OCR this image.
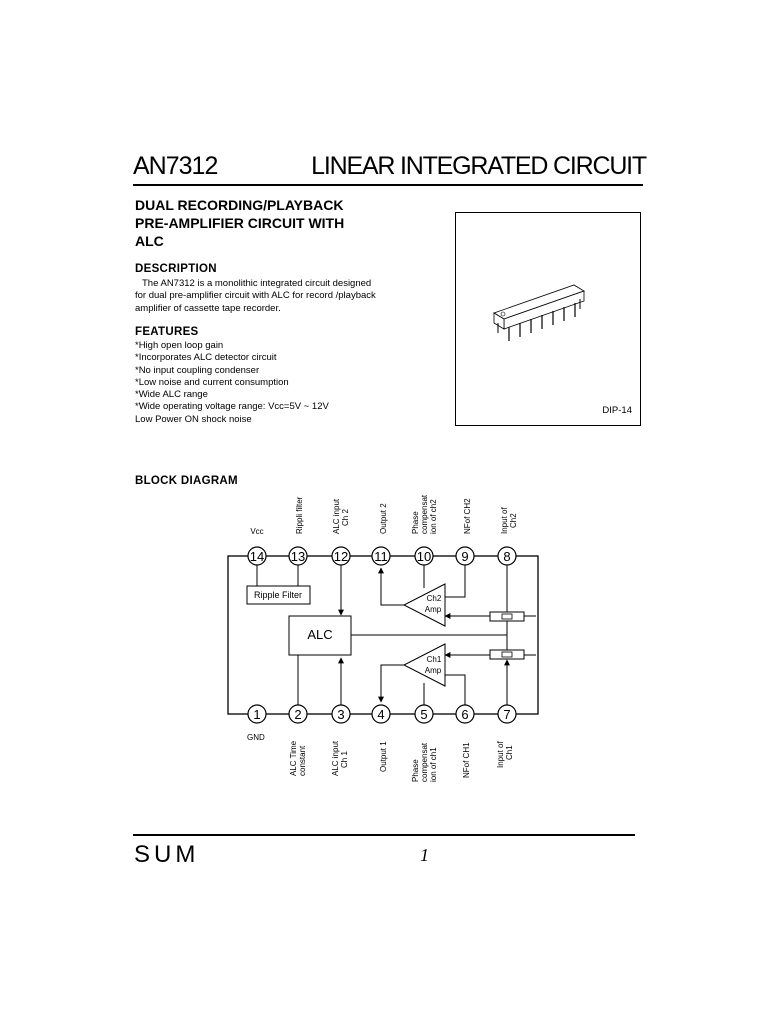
AN7312	LINEAR INTEGRATED CIRCUIT
DUAL RECORDING/PLAYBACK
PRE-AMPLIFIER CIRCUIT WITH
ALC
DESCRIPTION
The AN7312 is a monolithic integrated circuit designed
for dual pre-amplifier circuit with ALC for record /playback
amplifier of cassette tape recorder.
FEATURES
*High open loop gain
*Incorporates ALC detector circuit
*No input coupling condenser
*Low noise and current consumption
*Wide ALC range
*Wide operating voltage range: Vcc=5V ~ 12V
Low Power ON shock noise
DIP-14
BLOCK DIAGRAM
Vcc	Rippli filter	ALC input Ch 2	Output 2	Phase compensat ion of ch2	NFof CH2	Input of Ch2
GND
ALC Time constant	ALC input Ch 1	Output 1	Phase compensat ion of ch1	NFof CH1	Input of Ch1
Ripple Filter
ALC
Ch2
Amp
Ch1
Amp
14 13 12 11 10 9	8
1	2	3	4	5	6	7
SUM	1
